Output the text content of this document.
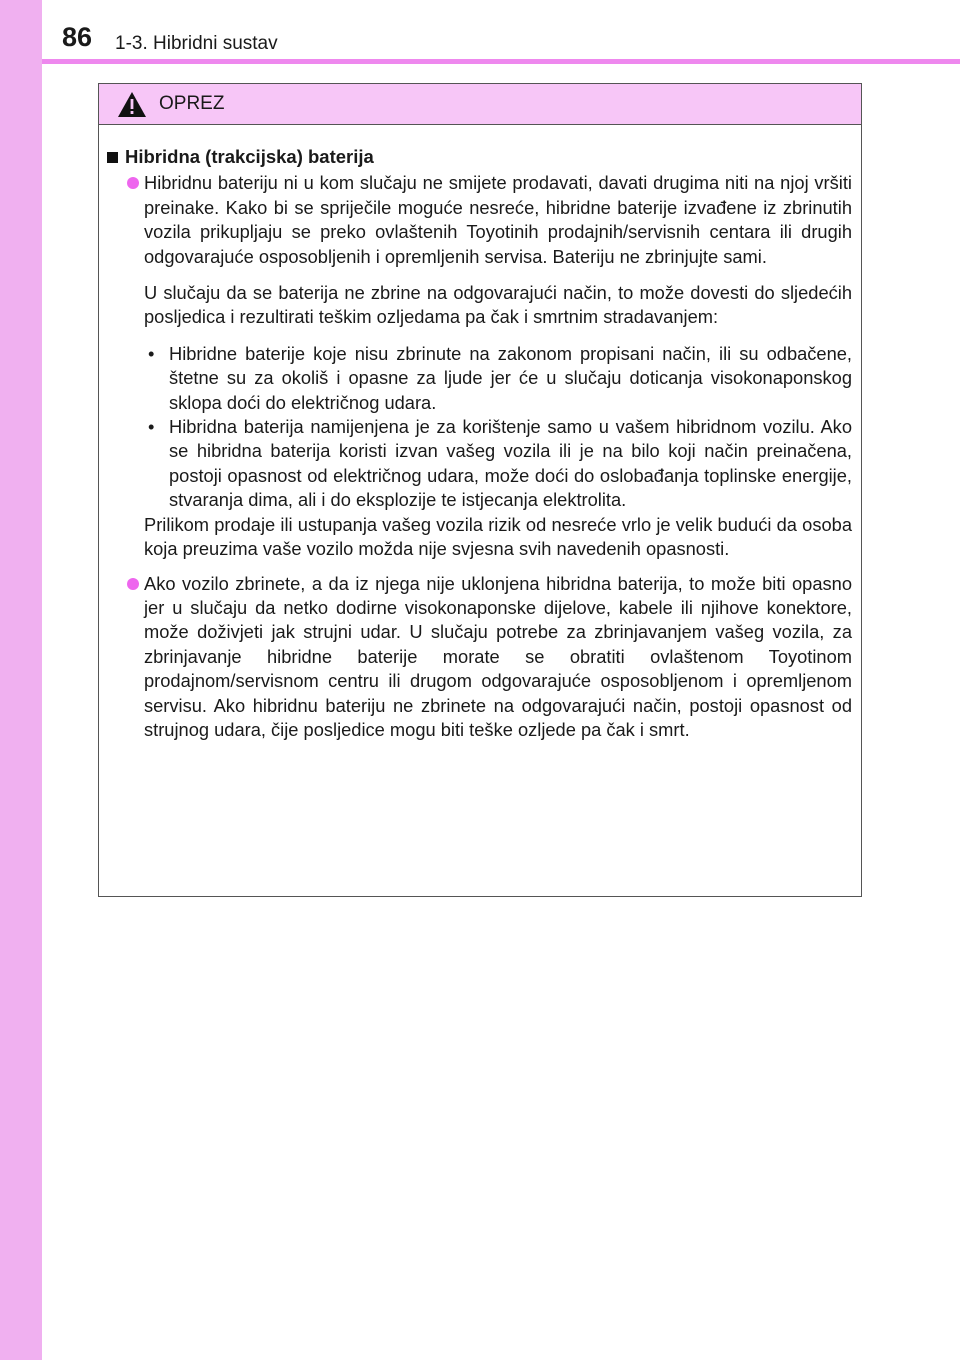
86 1-3. Hibridni sustav
OPREZ
Hibridna (trakcijska) baterija
Hibridnu bateriju ni u kom slučaju ne smijete prodavati, davati drugima niti na njoj vršiti preinake. Kako bi se spriječile moguće nesreće, hibridne baterije izvađene iz zbrinutih vozila prikupljaju se preko ovlaštenih Toyotinih prodajnih/servisnih centara ili drugih odgovarajuće osposobljenih i opremljenih servisa. Bateriju ne zbrinjujte sami.
U slučaju da se baterija ne zbrine na odgovarajući način, to može dovesti do sljedećih posljedica i rezultirati teškim ozljedama pa čak i smrtnim stradavanjem:
• Hibridne baterije koje nisu zbrinute na zakonom propisani način, ili su odbačene, štetne su za okoliš i opasne za ljude jer će u slučaju doticanja visokonaponskog sklopa doći do električnog udara.
• Hibridna baterija namijenjena je za korištenje samo u vašem hibridnom vozilu. Ako se hibridna baterija koristi izvan vašeg vozila ili je na bilo koji način preinačena, postoji opasnost od električnog udara, može doći do oslobađanja toplinske energije, stvaranja dima, ali i do eksplozije te istjecanja elektrolita.
Prilikom prodaje ili ustupanja vašeg vozila rizik od nesreće vrlo je velik budući da osoba koja preuzima vaše vozilo možda nije svjesna svih navedenih opasnosti.
Ako vozilo zbrinete, a da iz njega nije uklonjena hibridna baterija, to može biti opasno jer u slučaju da netko dodirne visokonaponske dijelove, kabele ili njihove konektore, može doživjeti jak strujni udar. U slučaju potrebe za zbrinjavanjem vašeg vozila, za zbrinjavanje hibridne baterije morate se obratiti ovlaštenom Toyotinom prodajnom/servisnom centru ili drugom odgovarajuće osposobljenom i opremljenom servisu. Ako hibridnu bateriju ne zbrinete na odgovarajući način, postoji opasnost od strujnog udara, čije posljedice mogu biti teške ozljede pa čak i smrt.
